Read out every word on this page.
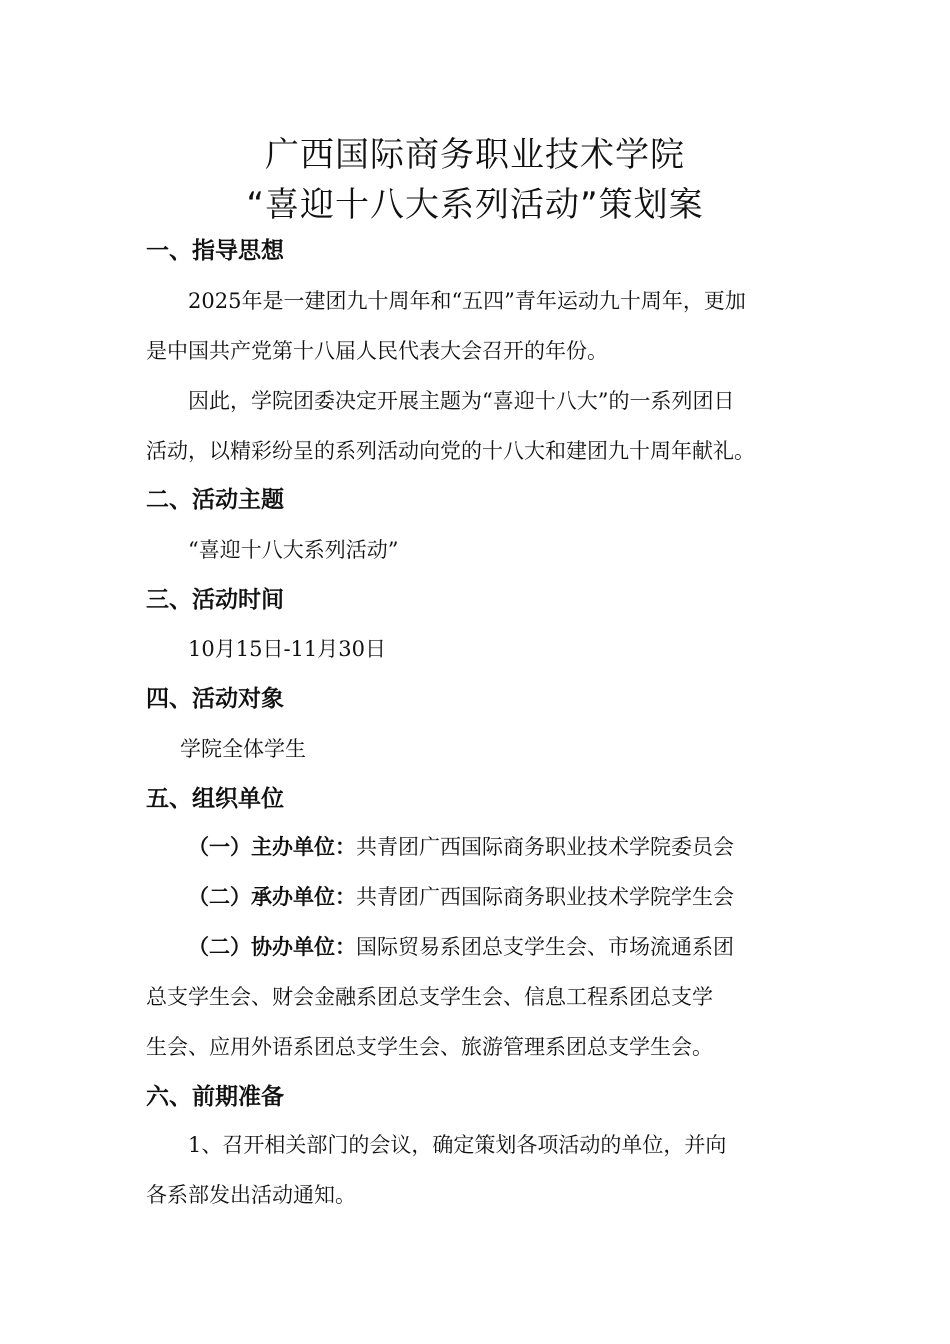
广西国际商务职业技术学院
“喜迎十八大系列活动”策划案
一、指导思想
2025年是一建团九十周年和“五四”青年运动九十周年，更加
是中国共产党第十八届人民代表大会召开的年份。
因此，学院团委决定开展主题为“喜迎十八大”的一系列团日
活动，以精彩纷呈的系列活动向党的十八大和建团九十周年献礼。
二、活动主题
“喜迎十八大系列活动”
三、活动时间
10月15日-11月30日
四、活动对象
学院全体学生
五、组织单位
（一）主办单位：共青团广西国际商务职业技术学院委员会
（二）承办单位：共青团广西国际商务职业技术学院学生会
（二）协办单位：国际贸易系团总支学生会、市场流通系团
总支学生会、财会金融系团总支学生会、信息工程系团总支学
生会、应用外语系团总支学生会、旅游管理系团总支学生会。
六、前期准备
1、召开相关部门的会议，确定策划各项活动的单位，并向
各系部发出活动通知。
